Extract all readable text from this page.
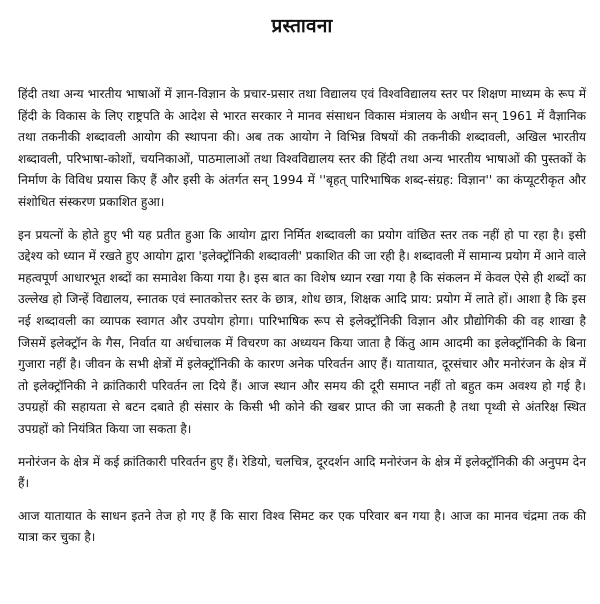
प्रस्तावना

हिंदी तथा अन्य भारतीय भाषाओं में ज्ञान-विज्ञान के प्रचार-प्रसार तथा विद्यालय एवं विश्वविद्यालय स्तर पर शिक्षण माध्यम के रूप में हिंदी के विकास के लिए राष्ट्रपति के आदेश से भारत सरकार ने मानव संसाधन विकास मंत्रालय के अधीन सन् 1961 में वैज्ञानिक तथा तकनीकी शब्दावली आयोग की स्थापना की। अब तक आयोग ने विभिन्न विषयों की तकनीकी शब्दावली, अखिल भारतीय शब्दावली, परिभाषा-कोशों, चयनिकाओं, पाठमालाओं तथा विश्वविद्यालय स्तर की हिंदी तथा अन्य भारतीय भाषाओं की पुस्तकों के निर्माण के विविध प्रयास किए हैं और इसी के अंतर्गत सन् 1994 में ''बृहत् पारिभाषिक शब्द-संग्रह: विज्ञान'' का कंप्यूटरीकृत और संशोधित संस्करण प्रकाशित हुआ।

इन प्रयत्नों के होते हुए भी यह प्रतीत हुआ कि आयोग द्वारा निर्मित शब्दावली का प्रयोग वांछित स्तर तक नहीं हो पा रहा है। इसी उद्देश्य को ध्यान में रखते हुए आयोग द्वारा 'इलेक्ट्रॉनिकी शब्दावली' प्रकाशित की जा रही है। शब्दावली में सामान्य प्रयोग में आने वाले महत्वपूर्ण आधारभूत शब्दों का समावेश किया गया है। इस बात का विशेष ध्यान रखा गया है कि संकलन में केवल ऐसे ही शब्दों का उल्लेख हो जिन्हें विद्यालय, स्नातक एवं स्नातकोत्तर स्तर के छात्र, शोध छात्र, शिक्षक आदि प्राय: प्रयोग में लाते हों। आशा है कि इस नई शब्दावली का व्यापक स्वागत और उपयोग होगा। पारिभाषिक रूप से इलेक्ट्रॉनिकी विज्ञान और प्रौद्योगिकी की वह शाखा है जिसमें इलेक्ट्रॉन के गैस, निर्वात या अर्धचालक में विचरण का अध्ययन किया जाता है किंतु आम आदमी का इलेक्ट्रॉनिकी के बिना गुजारा नहीं है। जीवन के सभी क्षेत्रों में इलेक्ट्रॉनिकी के कारण अनेक परिवर्तन आए हैं। यातायात, दूरसंचार और मनोरंजन के क्षेत्र में तो इलेक्ट्रॉनिकी ने क्रांतिकारी परिवर्तन ला दिये हैं। आज स्थान और समय की दूरी समाप्त नहीं तो बहुत कम अवश्य हो गई है। उपग्रहों की सहायता से बटन दबाते ही संसार के किसी भी कोने की खबर प्राप्त की जा सकती है तथा पृथ्वी से अंतरिक्ष स्थित उपग्रहों को नियंत्रित किया जा सकता है।

मनोरंजन के क्षेत्र में कई क्रांतिकारी परिवर्तन हुए हैं। रेडियो, चलचित्र, दूरदर्शन आदि मनोरंजन के क्षेत्र में इलेक्ट्रॉनिकी की अनुपम देन हैं।

आज यातायात के साधन इतने तेज हो गए हैं कि सारा विश्व सिमट कर एक परिवार बन गया है। आज का मानव चंद्रमा तक की यात्रा कर चुका है।
